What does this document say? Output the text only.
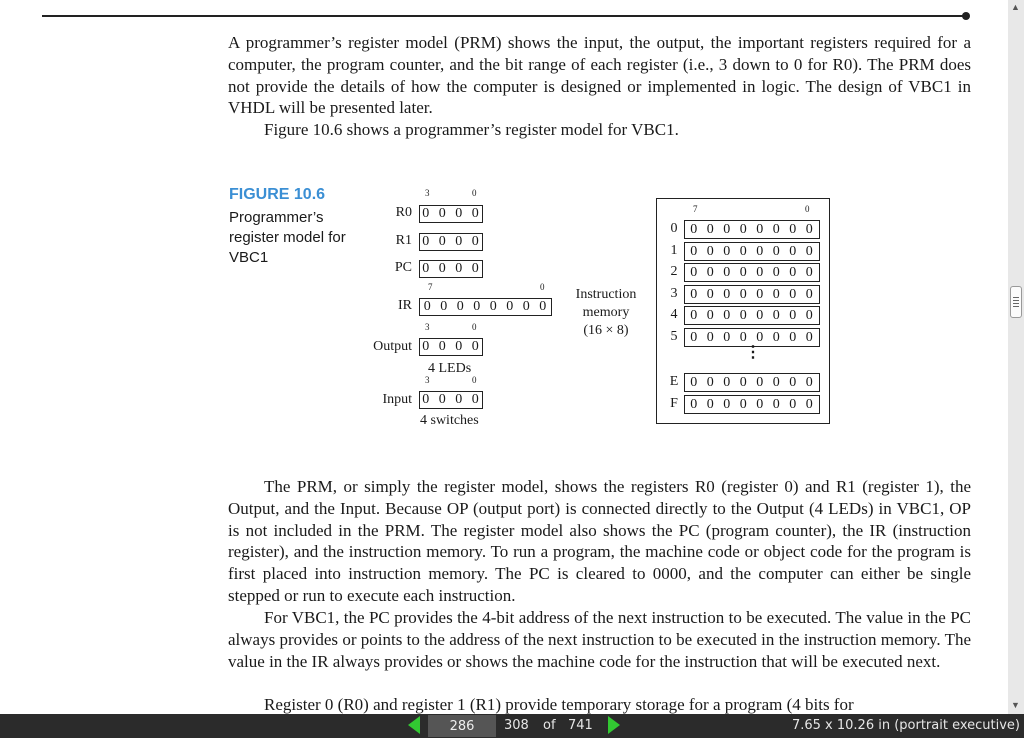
A programmer’s register model (PRM) shows the input, the output, the important registers required for a computer, the program counter, and the bit range of each register (i.e., 3 down to 0 for R0). The PRM does not provide the details of how the computer is designed or implemented in logic. The design of VBC1 in VHDL will be presented later.

Figure 10.6 shows a programmer’s register model for VBC1.

FIGURE 10.6
Programmer’s register model for VBC1
3	0
R0 0 0 0 0
R1 0 0 0 0
PC 0 0 0 0
7	0
IR 0 0 0 0 0 0 0 0
3	0
Output 0 0 0 0
4 LEDs
3	0
Input 0 0 0 0
4 switches
Instruction
memory
(16 × 8)
7	0
0 0 0 0 0 0 0 0 0
1 0 0 0 0 0 0 0 0
2 0 0 0 0 0 0 0 0
3 0 0 0 0 0 0 0 0
4 0 0 0 0 0 0 0 0
5 0 0 0 0 0 0 0 0
⋮
E 0 0 0 0 0 0 0 0
F 0 0 0 0 0 0 0 0

The PRM, or simply the register model, shows the registers R0 (register 0) and R1 (register 1), the Output, and the Input. Because OP (output port) is connected directly to the Output (4 LEDs) in VBC1, OP is not included in the PRM. The register model also shows the PC (program counter), the IR (instruction register), and the instruction memory. To run a program, the machine code or object code for the program is first placed into instruction memory. The PC is cleared to 0000, and the computer can either be single stepped or run to execute each instruction.

For VBC1, the PC provides the 4-bit address of the next instruction to be executed. The value in the PC always provides or points to the address of the next instruction to be executed in the instruction memory. The value in the IR always provides or shows the machine code for the instruction that will be executed next.

Register 0 (R0) and register 1 (R1) provide temporary storage for a program (4 bits for

▲
▼
286
308 of 741	7.65 x 10.26 in (portrait executive)
